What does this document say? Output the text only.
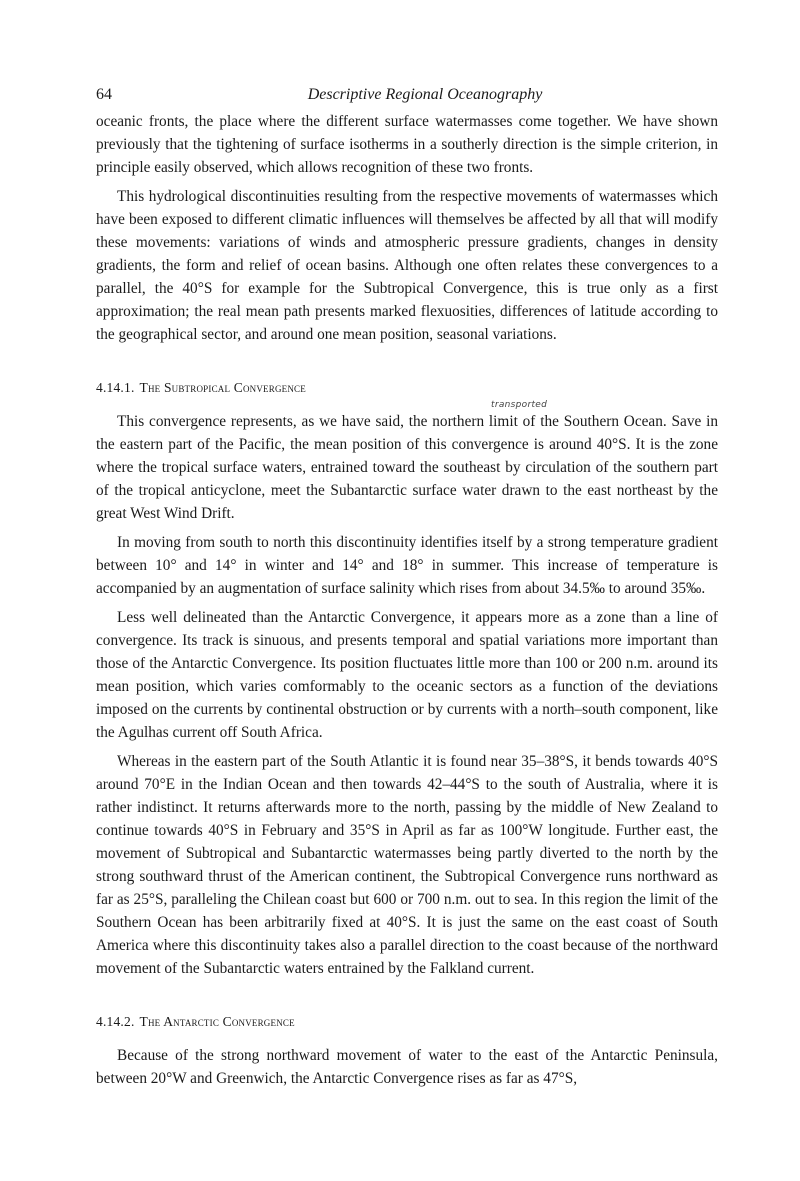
64	Descriptive Regional Oceanography

oceanic fronts, the place where the different surface watermasses come together. We have shown previously that the tightening of surface isotherms in a southerly direction is the simple criterion, in principle easily observed, which allows recognition of these two fronts.

This hydrological discontinuities resulting from the respective movements of watermasses which have been exposed to different climatic influences will themselves be affected by all that will modify these movements: variations of winds and atmospheric pressure gradients, changes in density gradients, the form and relief of ocean basins. Although one often relates these convergences to a parallel, the 40°S for example for the Subtropical Convergence, this is true only as a first approximation; the real mean path presents marked flexuosities, differences of latitude according to the geographical sector, and around one mean position, seasonal variations.

4.14.1. The Subtropical Convergence
transported

This convergence represents, as we have said, the northern limit of the Southern Ocean. Save in the eastern part of the Pacific, the mean position of this convergence is around 40°S. It is the zone where the tropical surface waters, entrained toward the southeast by circulation of the southern part of the tropical anticyclone, meet the Subantarctic surface water drawn to the east northeast by the great West Wind Drift.

In moving from south to north this discontinuity identifies itself by a strong temperature gradient between 10° and 14° in winter and 14° and 18° in summer. This increase of temperature is accompanied by an augmentation of surface salinity which rises from about 34.5‰ to around 35‰.

Less well delineated than the Antarctic Convergence, it appears more as a zone than a line of convergence. Its track is sinuous, and presents temporal and spatial variations more important than those of the Antarctic Convergence. Its position fluctuates little more than 100 or 200 n.m. around its mean position, which varies comformably to the oceanic sectors as a function of the deviations imposed on the currents by continental obstruction or by currents with a north–south component, like the Agulhas current off South Africa.

Whereas in the eastern part of the South Atlantic it is found near 35–38°S, it bends towards 40°S around 70°E in the Indian Ocean and then towards 42–44°S to the south of Australia, where it is rather indistinct. It returns afterwards more to the north, passing by the middle of New Zealand to continue towards 40°S in February and 35°S in April as far as 100°W longitude. Further east, the movement of Subtropical and Subantarctic watermasses being partly diverted to the north by the strong southward thrust of the American continent, the Subtropical Convergence runs northward as far as 25°S, paralleling the Chilean coast but 600 or 700 n.m. out to sea. In this region the limit of the Southern Ocean has been arbitrarily fixed at 40°S. It is just the same on the east coast of South America where this discontinuity takes also a parallel direction to the coast because of the northward movement of the Subantarctic waters entrained by the Falkland current.

4.14.2. The Antarctic Convergence

Because of the strong northward movement of water to the east of the Antarctic Peninsula, between 20°W and Greenwich, the Antarctic Convergence rises as far as 47°S,
